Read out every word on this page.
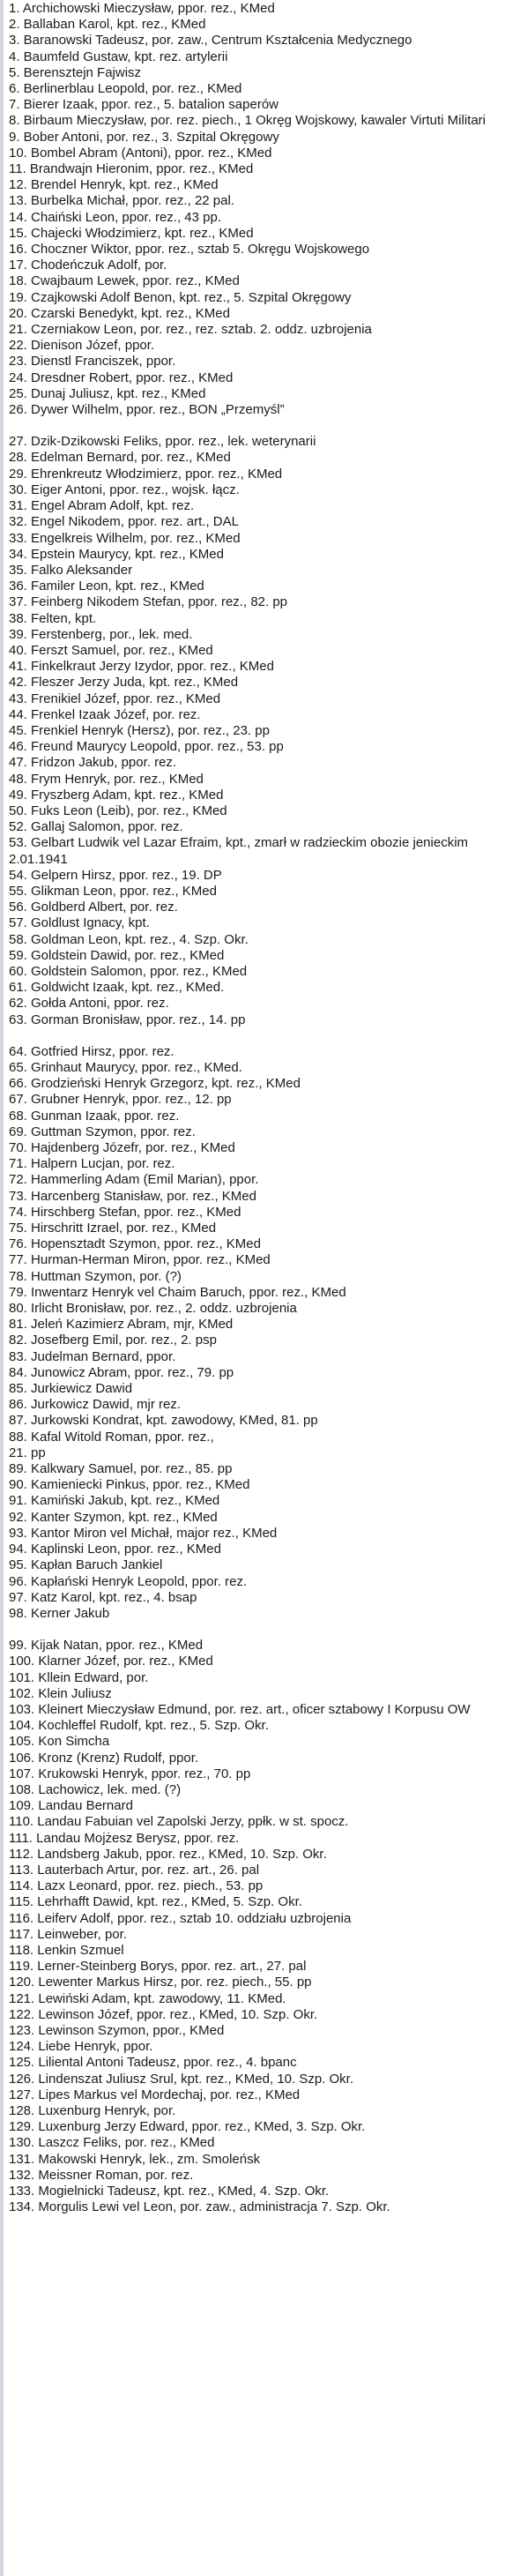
1. Archichowski Mieczysław, ppor. rez., KMed
2. Ballaban Karol, kpt. rez., KMed
3. Baranowski Tadeusz, por. zaw., Centrum Kształcenia Medycznego
4. Baumfeld Gustaw, kpt. rez. artylerii
5. Berensztejn Fajwisz
6. Berlinerblau Leopold, por. rez., KMed
7. Bierer Izaak, ppor. rez., 5. batalion saperów
8. Birbaum Mieczysław, por. rez. piech., 1 Okręg Wojskowy, kawaler Virtuti Militari
9. Bober Antoni, por. rez., 3. Szpital Okręgowy
10. Bombel Abram (Antoni), ppor. rez., KMed
11. Brandwajn Hieronim, ppor. rez., KMed
12. Brendel Henryk, kpt. rez., KMed
13. Burbelka Michał, ppor. rez., 22 pal.
14. Chaiński Leon, ppor. rez., 43 pp.
15. Chajecki Włodzimierz, kpt. rez., KMed
16. Choczner Wiktor, ppor. rez., sztab 5. Okręgu Wojskowego
17. Chodeńczuk Adolf, por.
18. Cwajbaum Lewek, ppor. rez., KMed
19. Czajkowski Adolf Benon, kpt. rez., 5. Szpital Okręgowy
20. Czarski Benedykt, kpt. rez., KMed
21. Czerniakow Leon, por. rez., rez. sztab. 2. oddz. uzbrojenia
22. Dienison Józef, ppor.
23. Dienstl Franciszek, ppor.
24. Dresdner Robert, ppor. rez., KMed
25. Dunaj Juliusz, kpt. rez., KMed
26. Dywer Wilhelm, ppor. rez., BON „Przemyśl”
27. Dzik-Dzikowski Feliks, ppor. rez., lek. weterynarii
28. Edelman Bernard, por. rez., KMed
29. Ehrenkreutz Włodzimierz, ppor. rez., KMed
30. Eiger Antoni, ppor. rez., wojsk. łącz.
31. Engel Abram Adolf, kpt. rez.
32. Engel Nikodem, ppor. rez. art., DAL
33. Engelkreis Wilhelm, por. rez., KMed
34. Epstein Maurycy, kpt. rez., KMed
35. Falko Aleksander
36. Familer Leon, kpt. rez., KMed
37. Feinberg Nikodem Stefan, ppor. rez., 82. pp
38. Felten, kpt.
39. Ferstenberg, por., lek. med.
40. Ferszt Samuel, por. rez., KMed
41. Finkelkraut Jerzy Izydor, ppor. rez., KMed
42. Fleszer Jerzy Juda, kpt. rez., KMed
43. Frenikiel Józef, ppor. rez., KMed
44. Frenkel Izaak Józef, por. rez.
45. Frenkiel Henryk (Hersz), por. rez., 23. pp
46. Freund Maurycy Leopold, ppor. rez., 53. pp
47. Fridzon Jakub, ppor. rez.
48. Frym Henryk, por. rez., KMed
49. Fryszberg Adam, kpt. rez., KMed
50. Fuks Leon (Leib), por. rez., KMed
52. Gallaj Salomon, ppor. rez.
53. Gelbart Ludwik vel Lazar Efraim, kpt., zmarł w radzieckim obozie jenieckim 2.01.1941
54. Gelpern Hirsz, ppor. rez., 19. DP
55. Glikman Leon, ppor. rez., KMed
56. Goldberd Albert, por. rez.
57. Goldlust Ignacy, kpt.
58. Goldman Leon, kpt. rez., 4. Szp. Okr.
59. Goldstein Dawid, por. rez., KMed
60. Goldstein Salomon, ppor. rez., KMed
61. Goldwicht Izaak, kpt. rez., KMed.
62. Gołda Antoni, ppor. rez.
63. Gorman Bronisław, ppor. rez., 14. pp
64. Gotfried Hirsz, ppor. rez.
65. Grinhaut Maurycy, ppor. rez., KMed.
66. Grodzieński Henryk Grzegorz, kpt. rez., KMed
67. Grubner Henryk, ppor. rez., 12. pp
68. Gunman Izaak, ppor. rez.
69. Guttman Szymon, ppor. rez.
70. Hajdenberg Józefr, por. rez., KMed
71. Halpern Lucjan, por. rez.
72. Hammerling Adam (Emil Marian), ppor.
73. Harcenberg Stanisław, por. rez., KMed
74. Hirschberg Stefan, ppor. rez., KMed
75. Hirschritt Izrael, por. rez., KMed
76. Hopensztadt Szymon, ppor. rez., KMed
77. Hurman-Herman Miron, ppor. rez., KMed
78. Huttman Szymon, por. (?)
79. Inwentarz Henryk vel Chaim Baruch, ppor. rez., KMed
80. Irlicht Bronisław, por. rez., 2. oddz. uzbrojenia
81. Jeleń Kazimierz Abram, mjr, KMed
82. Josefberg Emil, por. rez., 2. psp
83. Judelman Bernard, ppor.
84. Junowicz Abram, ppor. rez., 79. pp
85. Jurkiewicz Dawid
86. Jurkowicz Dawid, mjr rez.
87. Jurkowski Kondrat, kpt. zawodowy, KMed, 81. pp
88. Kafal Witold Roman, ppor. rez.,
21. pp
89. Kalkwary Samuel, por. rez., 85. pp
90. Kamieniecki Pinkus, ppor. rez., KMed
91. Kamiński Jakub, kpt. rez., KMed
92. Kanter Szymon, kpt. rez., KMed
93. Kantor Miron vel Michał, major rez., KMed
94. Kaplinski Leon, ppor. rez., KMed
95. Kapłan Baruch Jankiel
96. Kapłański Henryk Leopold, ppor. rez.
97. Katz Karol, kpt. rez., 4. bsap
98. Kerner Jakub
99. Kijak Natan, ppor. rez., KMed
100. Klarner Józef, por. rez., KMed
101. Kllein Edward, por.
102. Klein Juliusz
103. Kleinert Mieczysław Edmund, por. rez. art., oficer sztabowy I Korpusu OW
104. Kochleffel Rudolf, kpt. rez., 5. Szp. Okr.
105. Kon Simcha
106. Kronz (Krenz) Rudolf, ppor.
107. Krukowski Henryk, ppor. rez., 70. pp
108. Lachowicz, lek. med. (?)
109. Landau Bernard
110. Landau Fabuian vel Zapolski Jerzy, ppłk. w st. spocz.
111. Landau Mojżesz Berysz, ppor. rez.
112. Landsberg Jakub, ppor. rez., KMed, 10. Szp. Okr.
113. Lauterbach Artur, por. rez. art., 26. pal
114. Lazx Leonard, ppor. rez. piech., 53. pp
115. Lehrhafft Dawid, kpt. rez., KMed, 5. Szp. Okr.
116. Leiferv Adolf, ppor. rez., sztab 10. oddziału uzbrojenia
117. Leinweber, por.
118. Lenkin Szmuel
119. Lerner-Steinberg Borys, ppor. rez. art., 27. pal
120. Lewenter Markus Hirsz, por. rez. piech., 55. pp
121. Lewiński Adam, kpt. zawodowy, 11. KMed.
122. Lewinson Józef, ppor. rez., KMed, 10. Szp. Okr.
123. Lewinson Szymon, ppor., KMed
124. Liebe Henryk, ppor.
125. Liliental Antoni Tadeusz, ppor. rez., 4. bpanc
126. Lindenszat Juliusz Srul, kpt. rez., KMed, 10. Szp. Okr.
127. Lipes Markus vel Mordechaj, por. rez., KMed
128. Luxenburg Henryk, por.
129. Luxenburg Jerzy Edward, ppor. rez., KMed, 3. Szp. Okr.
130. Laszcz Feliks, por. rez., KMed
131. Makowski Henryk, lek., zm. Smoleńsk
132. Meissner Roman, por. rez.
133. Mogielnicki Tadeusz, kpt. rez., KMed, 4. Szp. Okr.
134. Morgulis Lewi vel Leon, por. zaw., administracja 7. Szp. Okr.
